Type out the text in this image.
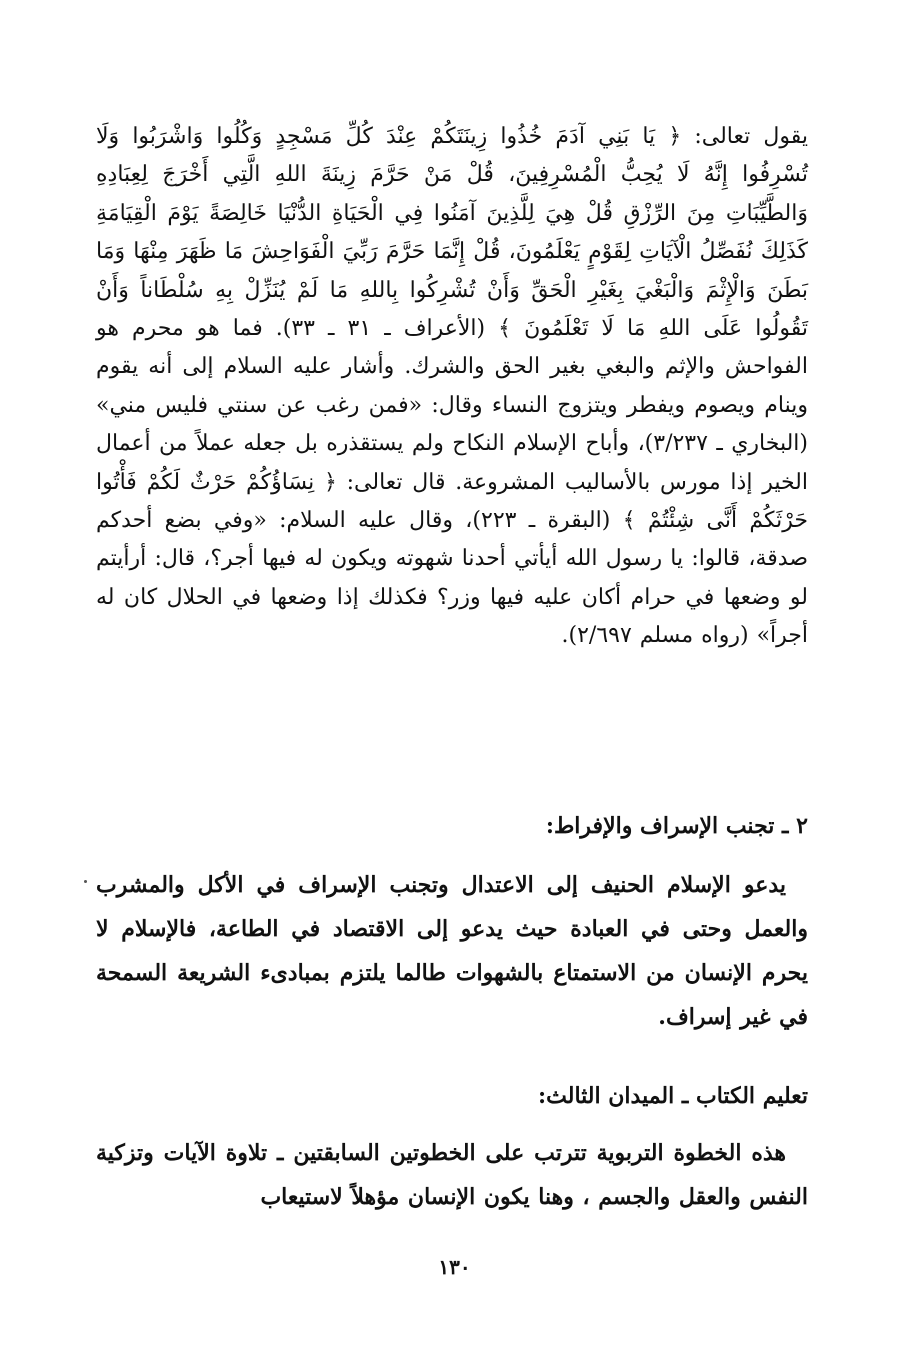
يقول تعالى: ﴿ يَا بَنِي آدَمَ خُذُوا زِينَتَكُمْ عِنْدَ كُلِّ مَسْجِدٍ وَكُلُوا وَاشْرَبُوا وَلَا تُسْرِفُوا إِنَّهُ لَا يُحِبُّ الْمُسْرِفِينَ، قُلْ مَنْ حَرَّمَ زِينَةَ اللهِ الَّتِي أَخْرَجَ لِعِبَادِهِ وَالطَّيِّبَاتِ مِنَ الرِّزْقِ قُلْ هِيَ لِلَّذِينَ آمَنُوا فِي الْحَيَاةِ الدُّنْيَا خَالِصَةً يَوْمَ الْقِيَامَةِ كَذَلِكَ نُفَصِّلُ الْآيَاتِ لِقَوْمٍ يَعْلَمُونَ، قُلْ إِنَّمَا حَرَّمَ رَبِّيَ الْفَوَاحِشَ مَا ظَهَرَ مِنْهَا وَمَا بَطَنَ وَالْإِثْمَ وَالْبَغْيَ بِغَيْرِ الْحَقِّ وَأَنْ تُشْرِكُوا بِاللهِ مَا لَمْ يُنَزِّلْ بِهِ سُلْطَاناً وَأَنْ تَقُولُوا عَلَى اللهِ مَا لَا تَعْلَمُونَ ﴾ (الأعراف ـ ٣١ ـ ٣٣). فما هو محرم هو الفواحش والإثم والبغي بغير الحق والشرك. وأشار عليه السلام إلى أنه يقوم وينام ويصوم ويفطر ويتزوج النساء وقال: «فمن رغب عن سنتي فليس مني» (البخاري ـ ٣/٢٣٧)، وأباح الإسلام النكاح ولم يستقذره بل جعله عملاً من أعمال الخير إذا مورس بالأساليب المشروعة. قال تعالى: ﴿ نِسَاؤُكُمْ حَرْثٌ لَكُمْ فَأْتُوا حَرْثَكُمْ أَنَّى شِئْتُمْ ﴾ (البقرة ـ ٢٢٣)، وقال عليه السلام: «وفي بضع أحدكم صدقة، قالوا: يا رسول الله أيأتي أحدنا شهوته ويكون له فيها أجر؟، قال: أرأيتم لو وضعها في حرام أكان عليه فيها وزر؟ فكذلك إذا وضعها في الحلال كان له أجراً» (رواه مسلم ٢/٦٩٧).

٢ ـ تجنب الإسراف والإفراط:

يدعو الإسلام الحنيف إلى الاعتدال وتجنب الإسراف في الأكل والمشرب والعمل وحتى في العبادة حيث يدعو إلى الاقتصاد في الطاعة، فالإسلام لا يحرم الإنسان من الاستمتاع بالشهوات طالما يلتزم بمبادىء الشريعة السمحة في غير إسراف.

تعليم الكتاب ـ الميدان الثالث:

هذه الخطوة التربوية تترتب على الخطوتين السابقتين ـ تلاوة الآيات وتزكية النفس والعقل والجسم ، وهنا يكون الإنسان مؤهلاً لاستيعاب

١٣٠
